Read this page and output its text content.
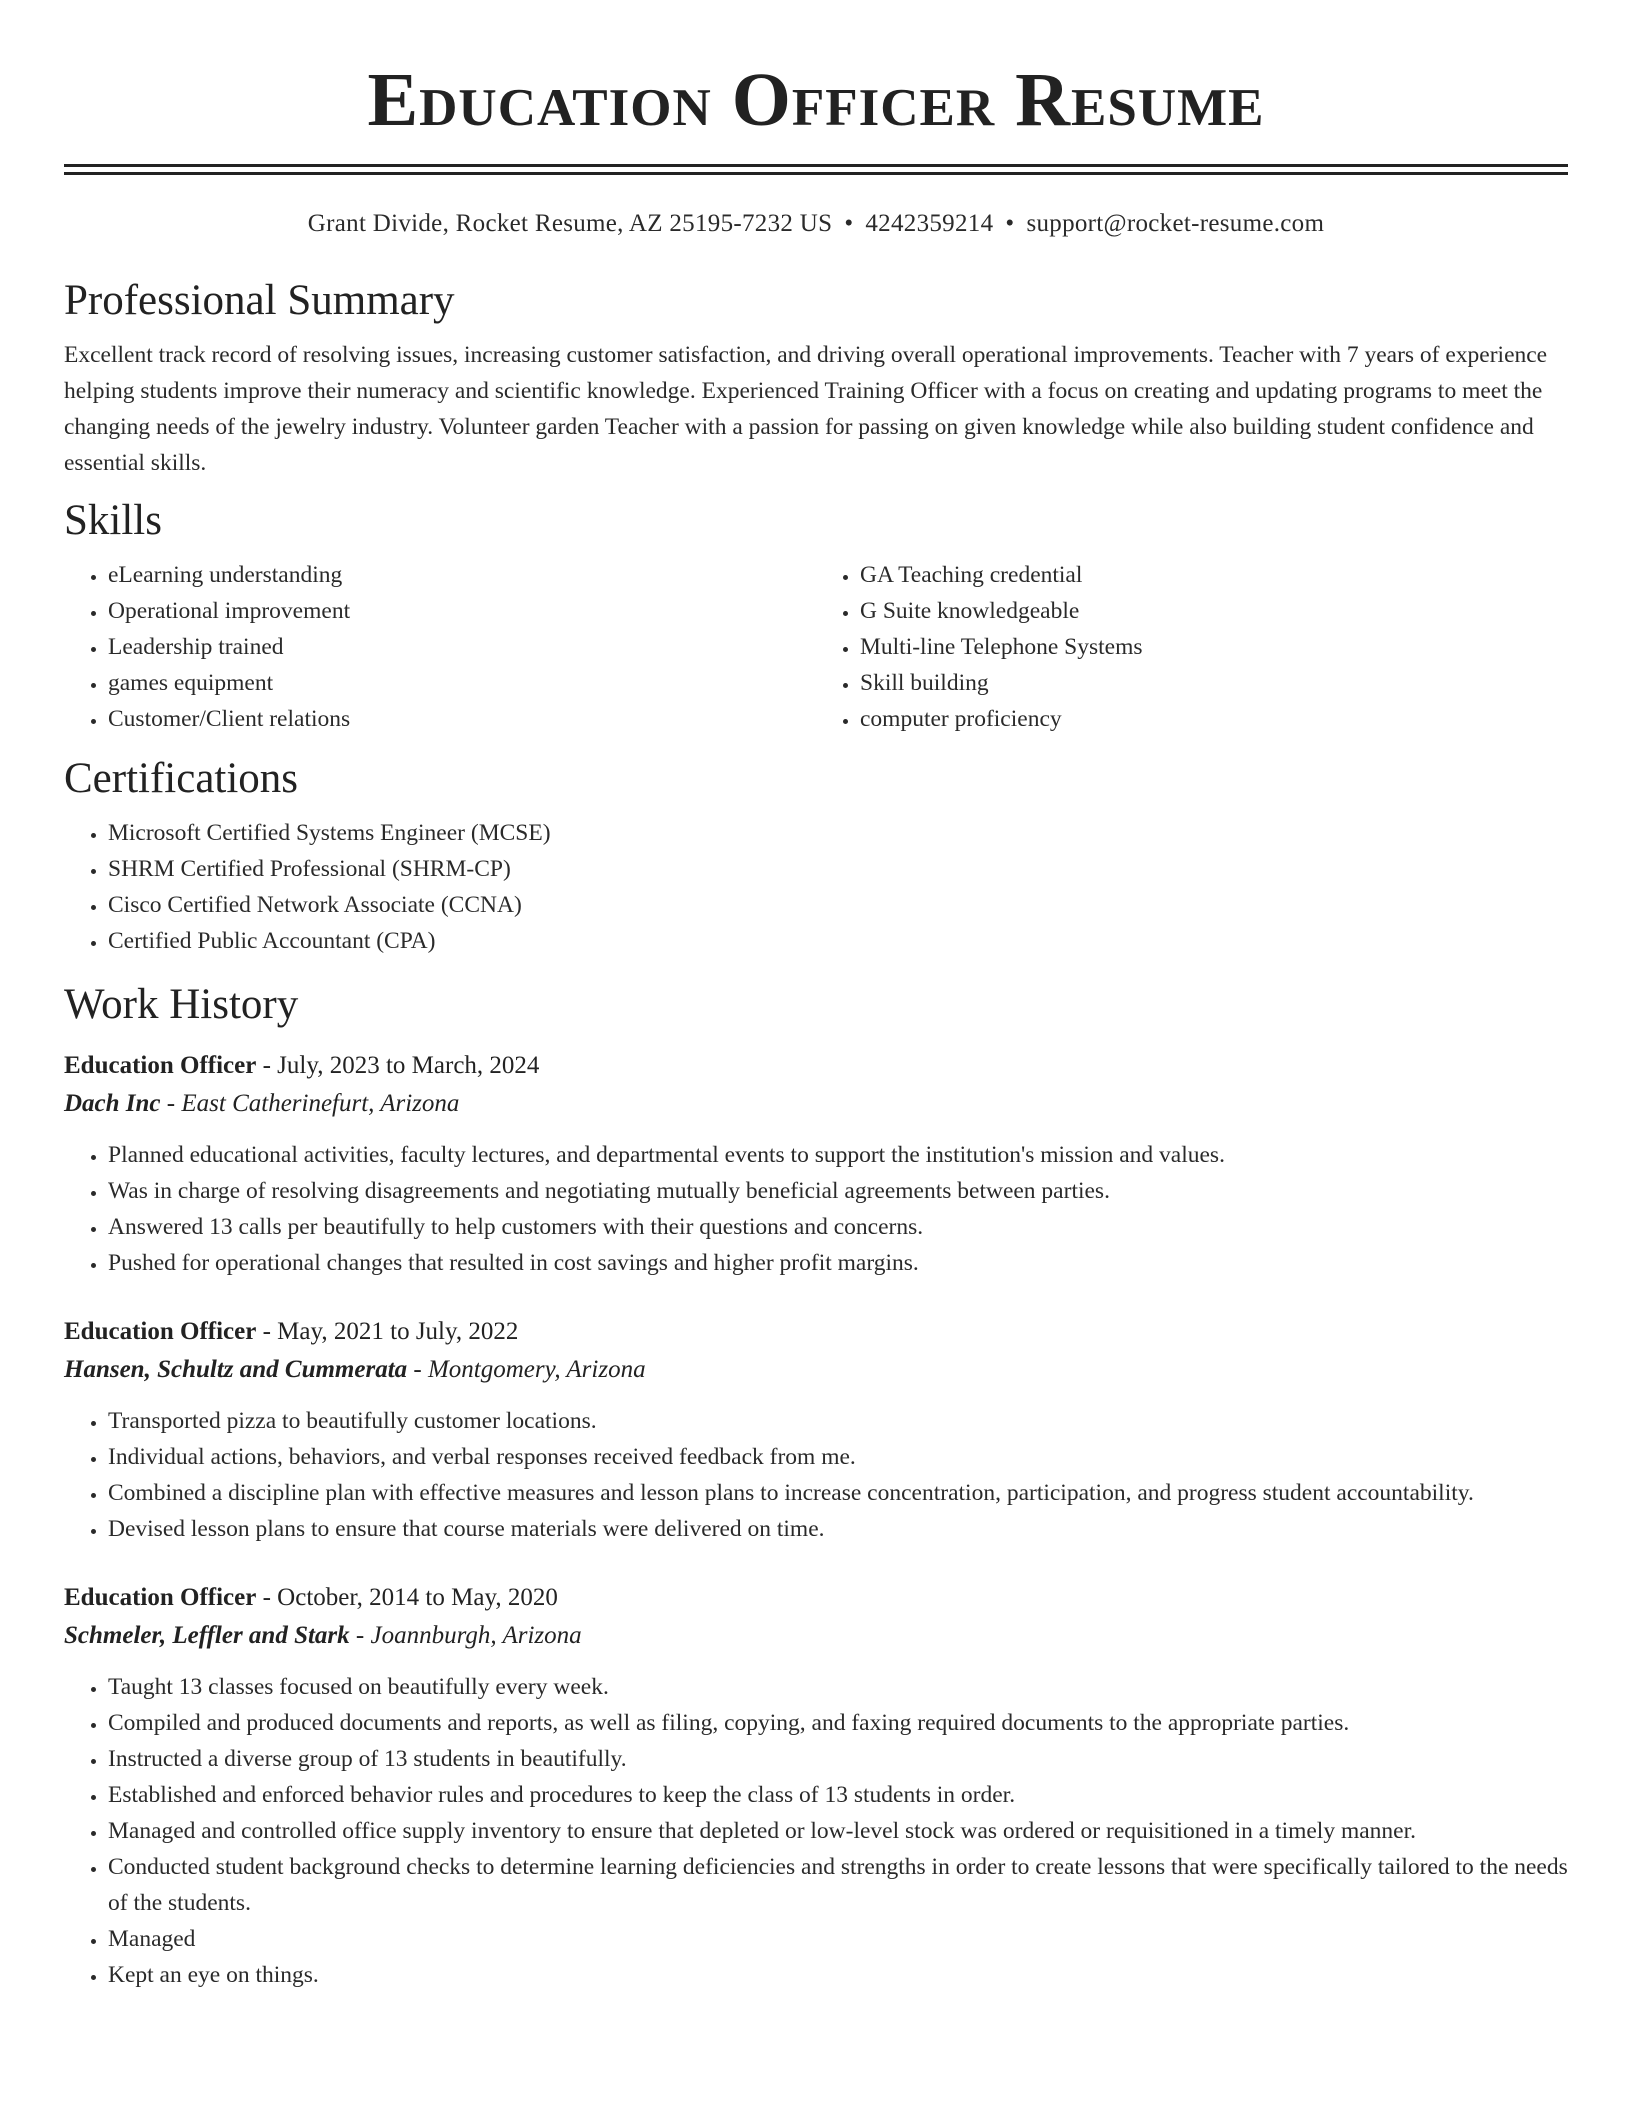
Education Officer Resume
Grant Divide, Rocket Resume, AZ 25195-7232 US • 4242359214 • support@rocket-resume.com
Professional Summary

Excellent track record of resolving issues, increasing customer satisfaction, and driving overall operational improvements. Teacher with 7 years of experience helping students improve their numeracy and scientific knowledge. Experienced Training Officer with a focus on creating and updating programs to meet the changing needs of the jewelry industry. Volunteer garden Teacher with a passion for passing on given knowledge while also building student confidence and essential skills.

Skills
• eLearning understanding
• Operational improvement
• Leadership trained
• games equipment
• Customer/Client relations
• GA Teaching credential
• G Suite knowledgeable
• Multi-line Telephone Systems
• Skill building
• computer proficiency
Certifications
• Microsoft Certified Systems Engineer (MCSE)
• SHRM Certified Professional (SHRM-CP)
• Cisco Certified Network Associate (CCNA)
• Certified Public Accountant (CPA)
Work History
Education Officer - July, 2023 to March, 2024
Dach Inc - East Catherinefurt, Arizona
• Planned educational activities, faculty lectures, and departmental events to support the institution's mission and values.
• Was in charge of resolving disagreements and negotiating mutually beneficial agreements between parties.
• Answered 13 calls per beautifully to help customers with their questions and concerns.
• Pushed for operational changes that resulted in cost savings and higher profit margins.
Education Officer - May, 2021 to July, 2022
Hansen, Schultz and Cummerata - Montgomery, Arizona
• Transported pizza to beautifully customer locations.
• Individual actions, behaviors, and verbal responses received feedback from me.
• Combined a discipline plan with effective measures and lesson plans to increase concentration, participation, and progress student accountability.
• Devised lesson plans to ensure that course materials were delivered on time.
Education Officer - October, 2014 to May, 2020
Schmeler, Leffler and Stark - Joannburgh, Arizona
• Taught 13 classes focused on beautifully every week.
• Compiled and produced documents and reports, as well as filing, copying, and faxing required documents to the appropriate parties.
• Instructed a diverse group of 13 students in beautifully.
• Established and enforced behavior rules and procedures to keep the class of 13 students in order.
• Managed and controlled office supply inventory to ensure that depleted or low-level stock was ordered or requisitioned in a timely manner.
• Conducted student background checks to determine learning deficiencies and strengths in order to create lessons that were specifically tailored to the needs of the students.
• Managed
• Kept an eye on things.
